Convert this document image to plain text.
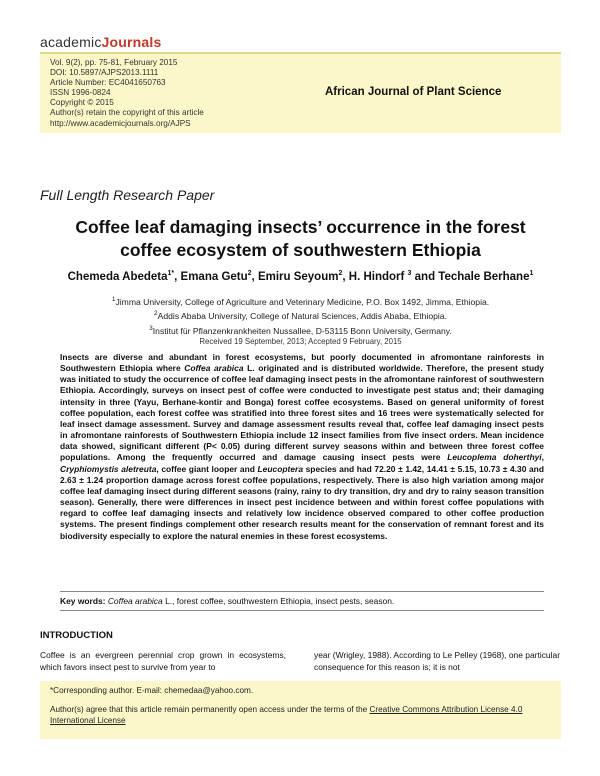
academicJournals
Vol. 9(2), pp. 75-81, February 2015
DOI: 10.5897/AJPS2013.1111
Article Number: EC4041650763
ISSN 1996-0824
Copyright © 2015
Author(s) retain the copyright of this article
http://www.academicjournals.org/AJPS
African Journal of Plant Science
Full Length Research Paper
Coffee leaf damaging insects’ occurrence in the forest
coffee ecosystem of southwestern Ethiopia
Chemeda Abedeta$^{1*}$, Emana Getu$^2$, Emiru Seyoum$^2$, H. Hindorf $^3$ and Techale Berhane$^1$
$^1$Jimma University, College of Agriculture and Veterinary Medicine, P.O. Box 1492, Jimma, Ethiopia.
$^2$Addis Ababa University, College of Natural Sciences, Addis Ababa, Ethiopia.
$^3$Institut für Pflanzenkrankheiten Nussallee, D-53115 Bonn University, Germany.
Received 19 September, 2013; Accepted 9 February, 2015
Insects are diverse and abundant in forest ecosystems, but poorly documented in afromontane rainforests in Southwestern Ethiopia where Coffea arabica L. originated and is distributed worldwide. Therefore, the present study was initiated to study the occurrence of coffee leaf damaging insect pests in the afromontane rainforest of southwestern Ethiopia. Accordingly, surveys on insect pest of coffee were conducted to investigate pest status and; their damaging intensity in three (Yayu, Berhane-kontir and Bonga) forest coffee ecosystems. Based on general uniformity of forest coffee population, each forest coffee was stratified into three forest sites and 16 trees were systematically selected for leaf insect damage assessment. Survey and damage assessment results reveal that, coffee leaf damaging insect pests in afromontane rainforests of Southwestern Ethiopia include 12 insect families from five insect orders. Mean incidence data showed, significant different (P< 0.05) during different survey seasons within and between three forest coffee populations. Among the frequently occurred and damage causing insect pests were Leucoplema doherthyi, Cryphiomystis aletreuta, coffee giant looper and Leucoptera species and had 72.20 ± 1.42, 14.41 ± 5.15, 10.73 ± 4.30 and 2.63 ± 1.24 proportion damage across forest coffee populations, respectively. There is also high variation among major coffee leaf damaging insect during different seasons (rainy, rainy to dry transition, dry and dry to rainy season transition season). Generally, there were differences in insect pest incidence between and within forest coffee populations with regard to coffee leaf damaging insects and relatively low incidence observed compared to other coffee production systems. The present findings complement other research results meant for the conservation of remnant forest and its biodiversity especially to explore the natural enemies in these forest ecosystems.
Key words: Coffea arabica L., forest coffee, southwestern Ethiopia, insect pests, season.
INTRODUCTION
Coffee is an evergreen perennial crop grown in ecosystems, which favors insect pest to survive from year to
year (Wrigley, 1988). According to Le Pelley (1968), one particular consequence for this reason is; it is not
*Corresponding author. E-mail: chemedaa@yahoo.com.
Author(s) agree that this article remain permanently open access under the terms of the Creative Commons Attribution License 4.0 International License
